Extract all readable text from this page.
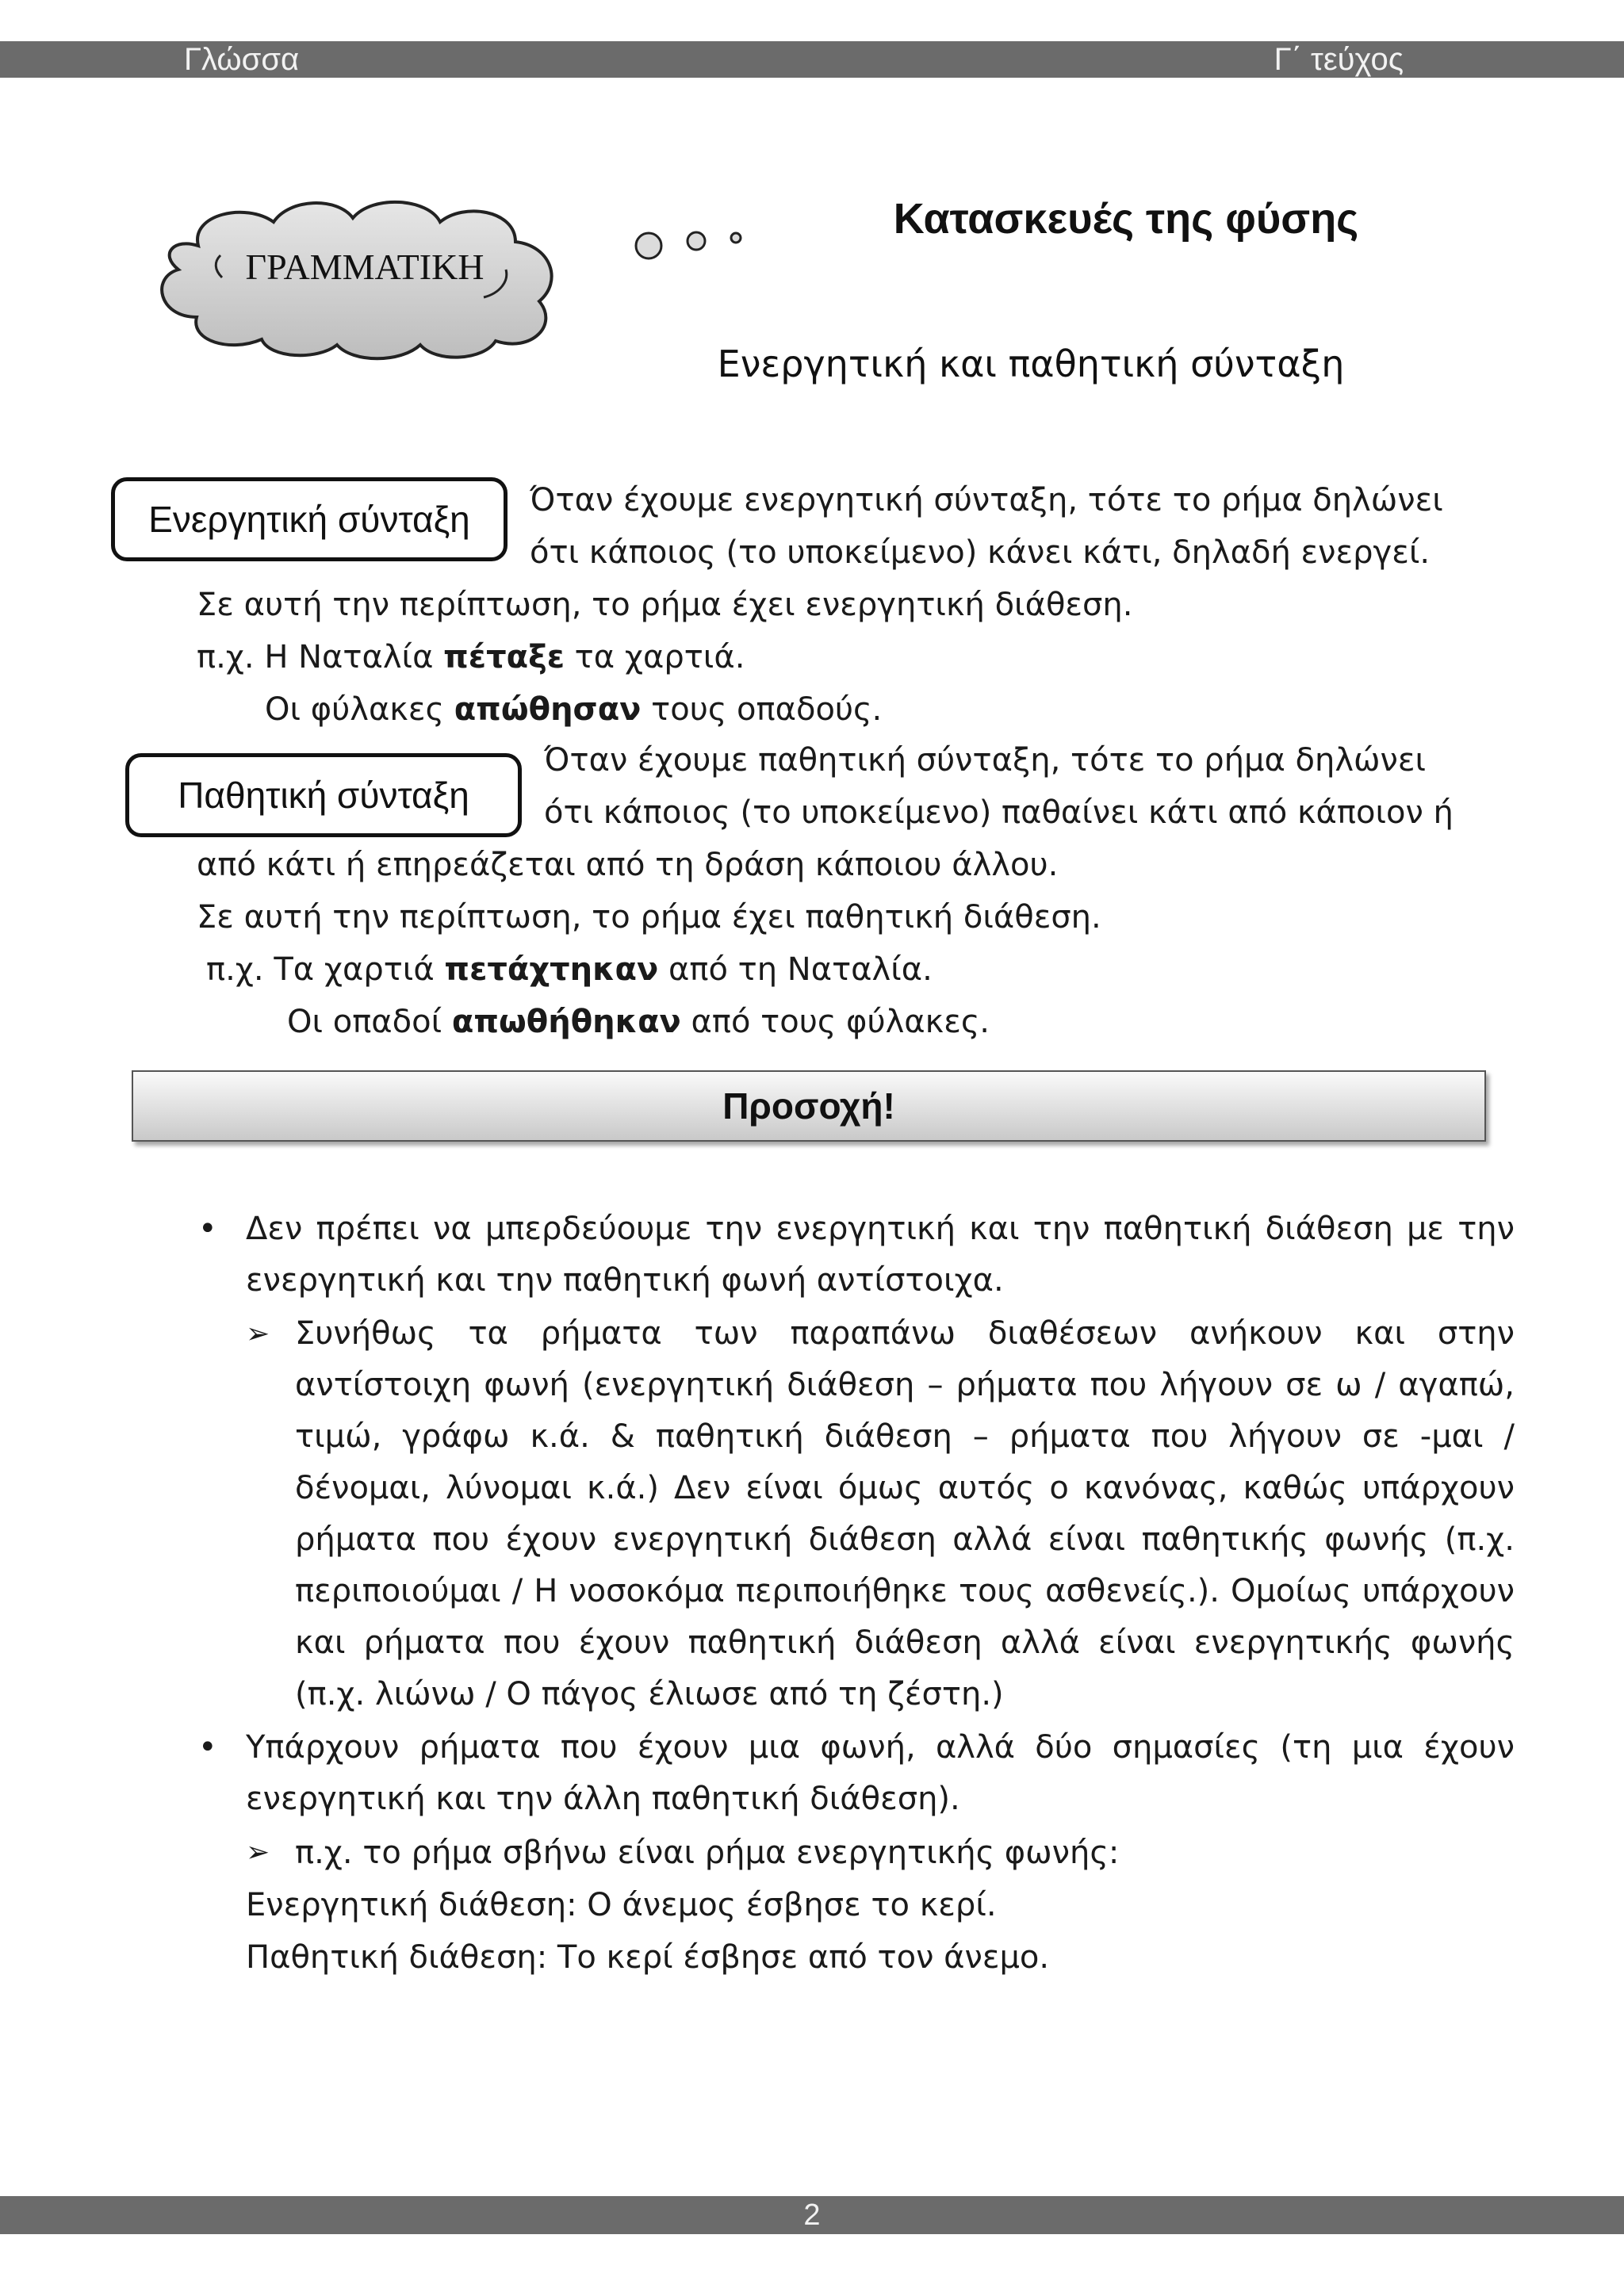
Γλώσσα	Γ΄ τεύχος
ΓΡΑΜΜΑΤΙΚΗ
Κατασκευές της φύσης
Ενεργητική και παθητική σύνταξη
Ενεργητική σύνταξη Όταν έχουμε ενεργητική σύνταξη, τότε το ρήμα δηλώνει
ότι κάποιος (το υποκείμενο) κάνει κάτι, δηλαδή ενεργεί.
Σε αυτή την περίπτωση, το ρήμα έχει ενεργητική διάθεση.
π.χ. Η Ναταλία πέταξε τα χαρτιά.
Οι φύλακες απώθησαν τους οπαδούς.
Παθητική σύνταξη
Όταν έχουμε παθητική σύνταξη, τότε το ρήμα δηλώνει
ότι κάποιος (το υποκείμενο) παθαίνει κάτι από κάποιον ή
από κάτι ή επηρεάζεται από τη δράση κάποιου άλλου.
Σε αυτή την περίπτωση, το ρήμα έχει παθητική διάθεση.
π.χ. Τα χαρτιά πετάχτηκαν από τη Ναταλία.
Οι οπαδοί απωθήθηκαν από τους φύλακες.
Προσοχή!
• Δεν πρέπει να μπερδεύουμε την ενεργητική και την παθητική διάθεση με την ενεργητική και την παθητική φωνή αντίστοιχα.
➢ Συνήθως τα ρήματα των παραπάνω διαθέσεων ανήκουν και στην αντίστοιχη φωνή (ενεργητική διάθεση – ρήματα που λήγουν σε ω / αγαπώ, τιμώ, γράφω κ.ά. & παθητική διάθεση – ρήματα που λήγουν σε -μαι / δένομαι, λύνομαι κ.ά.) Δεν είναι όμως αυτός ο κανόνας, καθώς υπάρχουν ρήματα που έχουν ενεργητική διάθεση αλλά είναι παθητικής φωνής (π.χ. περιποιούμαι / Η νοσοκόμα περιποιήθηκε τους ασθενείς.). Ομοίως υπάρχουν και ρήματα που έχουν παθητική διάθεση αλλά είναι ενεργητικής φωνής (π.χ. λιώνω / Ο πάγος έλιωσε από τη ζέστη.)
• Υπάρχουν ρήματα που έχουν μια φωνή, αλλά δύο σημασίες (τη μια έχουν ενεργητική και την άλλη παθητική διάθεση).
➢ π.χ. το ρήμα σβήνω είναι ρήμα ενεργητικής φωνής:
Ενεργητική διάθεση: Ο άνεμος έσβησε το κερί.
Παθητική διάθεση: Το κερί έσβησε από τον άνεμο.
2
